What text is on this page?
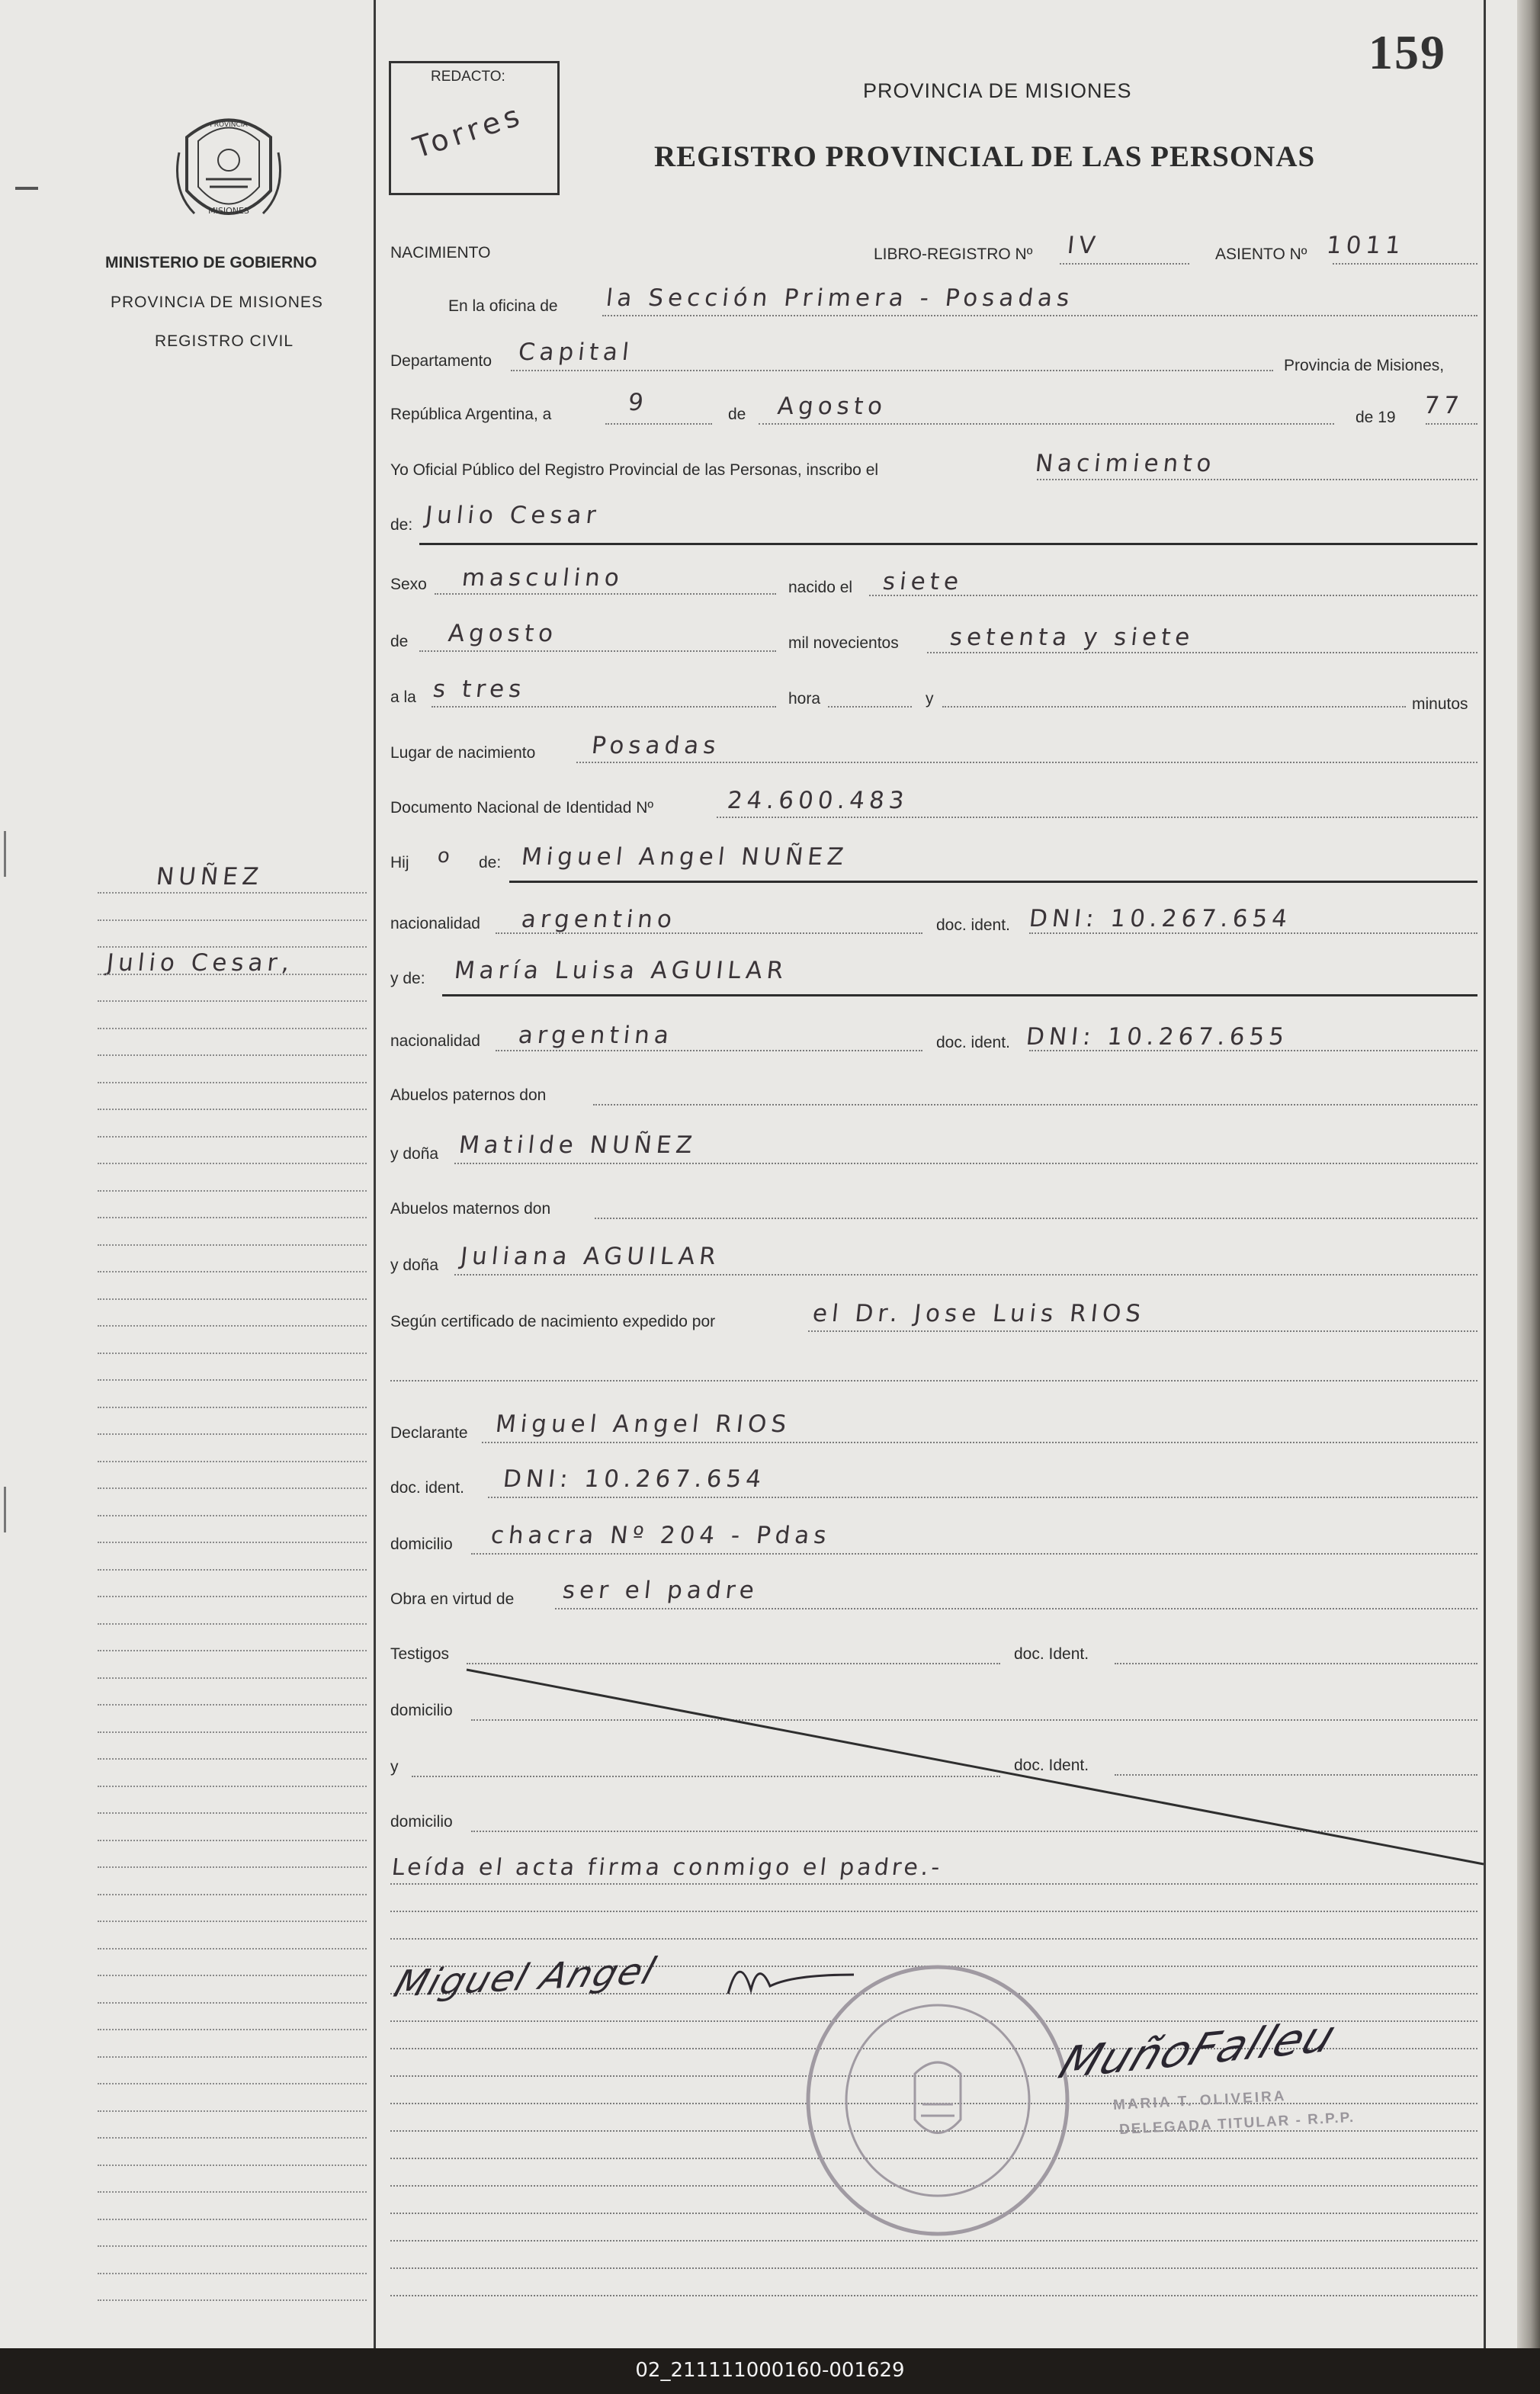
PROVINCIA
MISIONES
MINISTERIO DE GOBIERNO
PROVINCIA DE MISIONES
REGISTRO CIVIL
NUÑEZ
Julio Cesar,
159
REDACTO:
Torres
PROVINCIA DE MISIONES
REGISTRO PROVINCIAL DE LAS PERSONAS
NACIMIENTO	LIBRO-REGISTRO Nº IV	ASIENTO Nº 1011
En la oficina de la Sección Primera - Posadas
Departamento Capital	Provincia de Misiones,
República Argentina, a	9	de Agosto	de 19 77
Yo Oficial Público del Registro Provincial de las Personas, inscribo el	Nacimiento
de: Julio Cesar
Sexo masculino	nacido el siete
de Agosto	mil novecientos setenta y siete
a la s tres	hora	y	minutos
Lugar de nacimiento Posadas
Documento Nacional de Identidad Nº	24.600.483
Hij o de: Miguel Angel NUÑEZ
nacionalidad argentino	doc. ident. DNI: 10.267.654
y de: María Luisa AGUILAR
nacionalidad argentina	doc. ident. DNI: 10.267.655
Abuelos paternos don
y doña Matilde NUÑEZ
Abuelos maternos don
y doña Juliana AGUILAR
Según certificado de nacimiento expedido por	el Dr. Jose Luis RIOS
Declarante Miguel Angel RIOS
doc. ident. DNI: 10.267.654
domicilio chacra Nº 204 - Pdas
Obra en virtud de ser el padre
Testigos	doc. Ident.
domicilio
y	doc. Ident.
domicilio
Leída el acta firma conmigo el padre.-
Miguel Angel
MuñoFalleu
MARIA T. OLIVEIRA
DELEGADA TITULAR - R.P.P.
02_211111000160-001629
